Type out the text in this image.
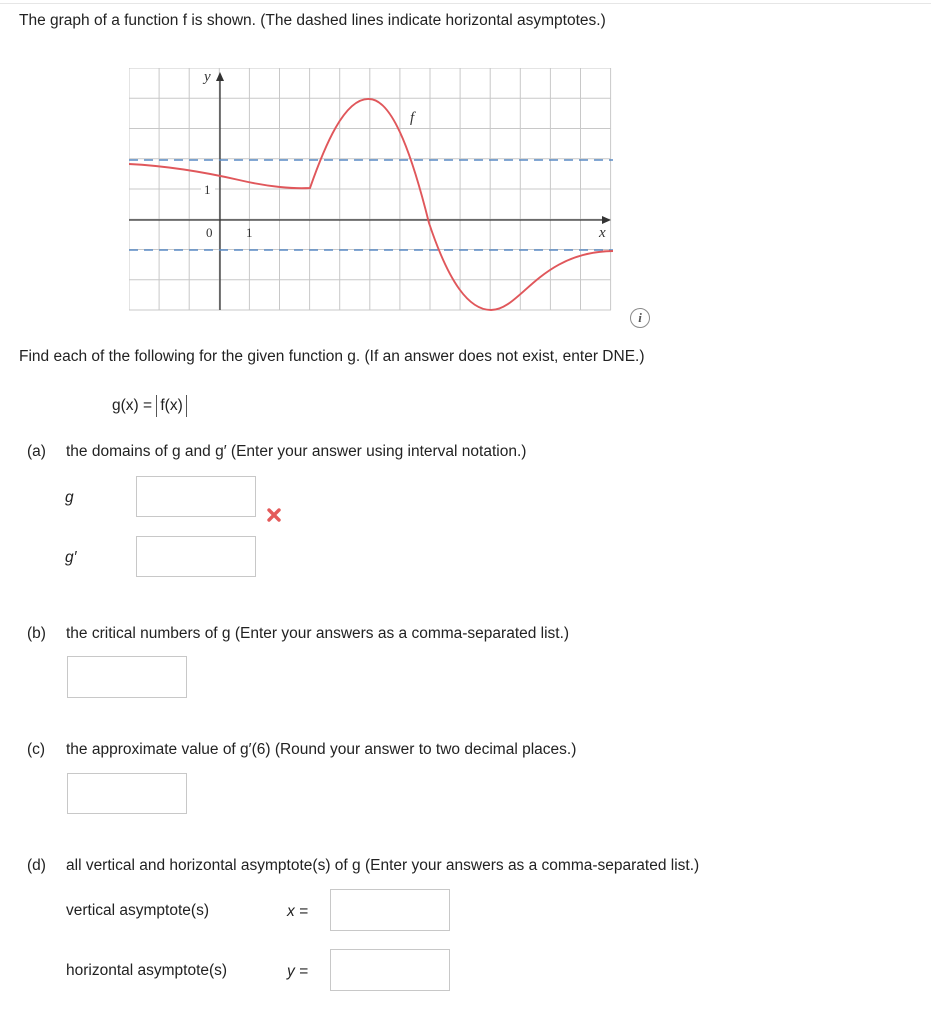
The graph of a function f is shown. (The dashed lines indicate horizontal asymptotes.)
f
y
x
1
0	1
i
Find each of the following for the given function g. (If an answer does not exist, enter DNE.)
g(x) = f(x)
(a) the domains of g and g′ (Enter your answer using interval notation.)
g
g′
(b) the critical numbers of g (Enter your answers as a comma-separated list.)
(c) the approximate value of g′(6) (Round your answer to two decimal places.)
(d) all vertical and horizontal asymptote(s) of g (Enter your answers as a comma-separated list.)
vertical asymptote(s)	x =
horizontal asymptote(s)	y =
